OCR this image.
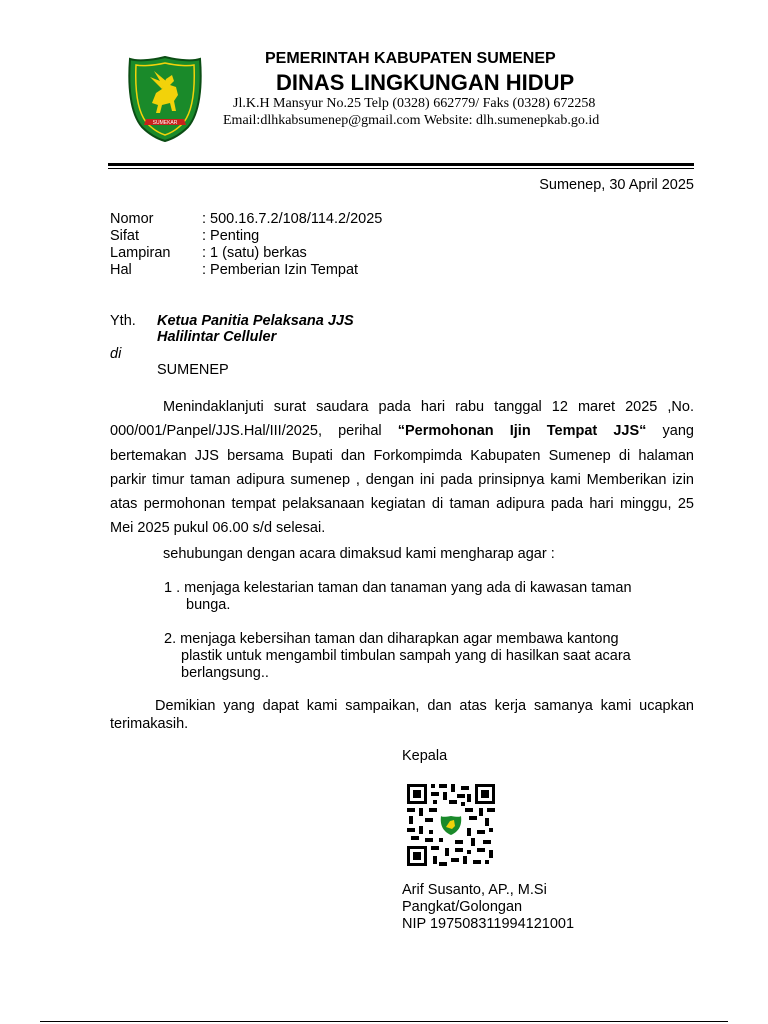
SUMEKAR
PEMERINTAH KABUPATEN SUMENEP
DINAS LINGKUNGAN HIDUP
Jl.K.H Mansyur No.25 Telp (0328) 662779/ Faks (0328) 672258
Email:dlhkabsumenep@gmail.com Website: dlh.sumenepkab.go.id
Sumenep, 30 April 2025
Nomor	: 500.16.7.2/108/114.2/2025
Sifat	: Penting
Lampiran : 1 (satu) berkas
Hal	: Pemberian Izin Tempat
Yth. Ketua Panitia Pelaksana JJS
Halilintar Celluler
di
SUMENEP
Menindaklanjuti surat saudara pada hari rabu tanggal 12 maret 2025 ,No. 000/001/Panpel/JJS.Hal/III/2025, perihal “Permohonan Ijin Tempat JJS“ yang bertemakan JJS bersama Bupati dan Forkompimda Kabupaten Sumenep di halaman parkir timur taman adipura sumenep , dengan ini pada prinsipnya kami Memberikan izin atas permohonan tempat pelaksanaan kegiatan di taman adipura pada hari minggu, 25 Mei 2025 pukul 06.00 s/d selesai.
sehubungan dengan acara dimaksud kami mengharap agar :
1 . menjaga kelestarian taman dan tanaman yang ada di kawasan taman
bunga.
2. menjaga kebersihan taman dan diharapkan agar membawa kantong
plastik untuk mengambil timbulan sampah yang di hasilkan saat acara
berlangsung..
Demikian yang dapat kami sampaikan, dan atas kerja samanya kami ucapkan terimakasih.
Kepala
Arif Susanto, AP., M.Si
Pangkat/Golongan
NIP 197508311994121001
